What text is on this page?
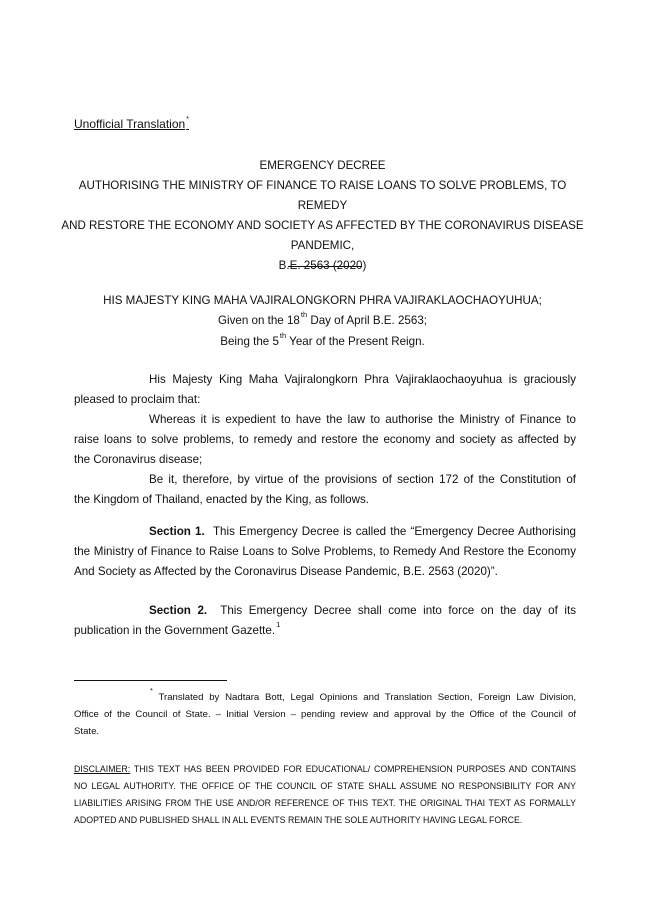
Unofficial Translation*
EMERGENCY DECREE
AUTHORISING THE MINISTRY OF FINANCE TO RAISE LOANS TO SOLVE PROBLEMS, TO REMEDY
AND RESTORE THE ECONOMY AND SOCIETY AS AFFECTED BY THE CORONAVIRUS DISEASE
PANDEMIC,
B.E. 2563 (2020)
HIS MAJESTY KING MAHA VAJIRALONGKORN PHRA VAJIRAKLAOCHAOYUHUA;
Given on the 18th Day of April B.E. 2563;
Being the 5th Year of the Present Reign.
His Majesty King Maha Vajiralongkorn Phra Vajiraklaochaoyuhua is graciously
pleased to proclaim that:
Whereas it is expedient to have the law to authorise the Ministry of Finance to
raise loans to solve problems, to remedy and restore the economy and society as affected by
the Coronavirus disease;
Be it, therefore, by virtue of the provisions of section 172 of the Constitution of
the Kingdom of Thailand, enacted by the King, as follows.
Section 1. This Emergency Decree is called the “Emergency Decree Authorising
the Ministry of Finance to Raise Loans to Solve Problems, to Remedy And Restore the Economy
And Society as Affected by the Coronavirus Disease Pandemic, B.E. 2563 (2020)”.
Section 2. This Emergency Decree shall come into force on the day of its
publication in the Government Gazette.$^1$
* Translated by Nadtara Bott, Legal Opinions and Translation Section, Foreign Law Division,
Office of the Council of State. – Initial Version – pending review and approval by the Office of the Council of
State.
DISCLAIMER: THIS TEXT HAS BEEN PROVIDED FOR EDUCATIONAL/ COMPREHENSION PURPOSES AND CONTAINS
NO LEGAL AUTHORITY. THE OFFICE OF THE COUNCIL OF STATE SHALL ASSUME NO RESPONSIBILITY FOR ANY
LIABILITIES ARISING FROM THE USE AND/OR REFERENCE OF THIS TEXT. THE ORIGINAL THAI TEXT AS FORMALLY
ADOPTED AND PUBLISHED SHALL IN ALL EVENTS REMAIN THE SOLE AUTHORITY HAVING LEGAL FORCE.
